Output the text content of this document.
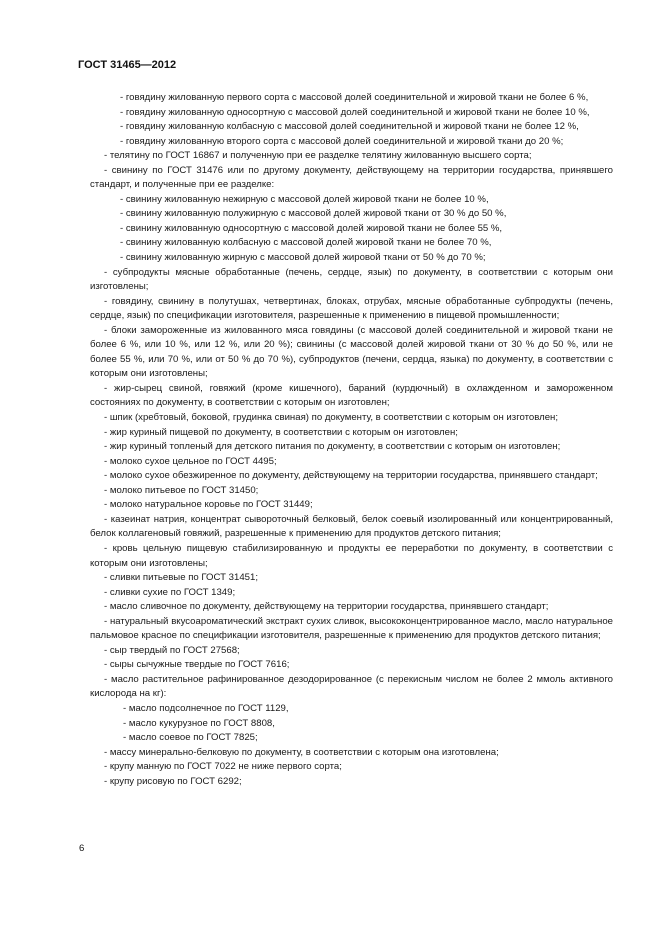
ГОСТ 31465—2012

- говядину жилованную первого сорта с массовой долей соединительной и жировой ткани не более 6 %,

- говядину жилованную односортную с массовой долей соединительной и жировой ткани не более 10 %,

- говядину жилованную колбасную с массовой долей соединительной и жировой ткани не более 12 %,

- говядину жилованную второго сорта с массовой долей соединительной и жировой ткани до 20 %;

- телятину по ГОСТ 16867 и полученную при ее разделке телятину жилованную высшего сорта;

- свинину по ГОСТ 31476 или по другому документу, действующему на территории государства, принявшего стандарт, и полученные при ее разделке:

- свинину жилованную нежирную с массовой долей жировой ткани не более 10 %,

- свинину жилованную полужирную с массовой долей жировой ткани от 30 % до 50 %,

- свинину жилованную односортную с массовой долей жировой ткани не более 55 %,

- свинину жилованную колбасную с массовой долей жировой ткани не более 70 %,

- свинину жилованную жирную с массовой долей жировой ткани от 50 % до 70 %;

- субпродукты мясные обработанные (печень, сердце, язык) по документу, в соответствии с которым они изготовлены;

- говядину, свинину в полутушах, четвертинах, блоках, отрубах, мясные обработанные субпродукты (печень, сердце, язык) по спецификации изготовителя, разрешенные к применению в пищевой промышленности;

- блоки замороженные из жилованного мяса говядины (с массовой долей соединительной и жировой ткани не более 6 %, или 10 %, или 12 %, или 20 %); свинины (с массовой долей жировой ткани от 30 % до 50 %, или не более 55 %, или 70 %, или от 50 % до 70 %), субпродуктов (печени, сердца, языка) по документу, в соответствии с которым они изготовлены;

- жир-сырец свиной, говяжий (кроме кишечного), бараний (курдючный) в охлажденном и замороженном состояниях по документу, в соответствии с которым он изготовлен;

- шпик (хребтовый, боковой, грудинка свиная) по документу, в соответствии с которым он изготовлен;

- жир куриный пищевой по документу, в соответствии с которым он изготовлен;

- жир куриный топленый для детского питания по документу, в соответствии с которым он изготовлен;

- молоко сухое цельное по ГОСТ 4495;

- молоко сухое обезжиренное по документу, действующему на территории государства, принявшего стандарт;

- молоко питьевое по ГОСТ 31450;

- молоко натуральное коровье по ГОСТ 31449;

- казеинат натрия, концентрат сывороточный белковый, белок соевый изолированный или концентрированный, белок коллагеновый говяжий, разрешенные к применению для продуктов детского питания;

- кровь цельную пищевую стабилизированную и продукты ее переработки по документу, в соответствии с которым они изготовлены;

- сливки питьевые по ГОСТ 31451;

- сливки сухие по ГОСТ 1349;

- масло сливочное по документу, действующему на территории государства, принявшего стандарт;

- натуральный вкусоароматический экстракт сухих сливок, высококонцентрированное масло, масло натуральное пальмовое красное по спецификации изготовителя, разрешенные к применению для продуктов детского питания;

- сыр твердый по ГОСТ 27568;

- сыры сычужные твердые по ГОСТ 7616;

- масло растительное рафинированное дезодорированное (с перекисным числом не более 2 ммоль активного кислорода на кг):

- масло подсолнечное по ГОСТ 1129,

- масло кукурузное по ГОСТ 8808,

- масло соевое по ГОСТ 7825;

- массу минерально-белковую по документу, в соответствии с которым она изготовлена;

- крупу манную по ГОСТ 7022 не ниже первого сорта;

- крупу рисовую по ГОСТ 6292;

6
